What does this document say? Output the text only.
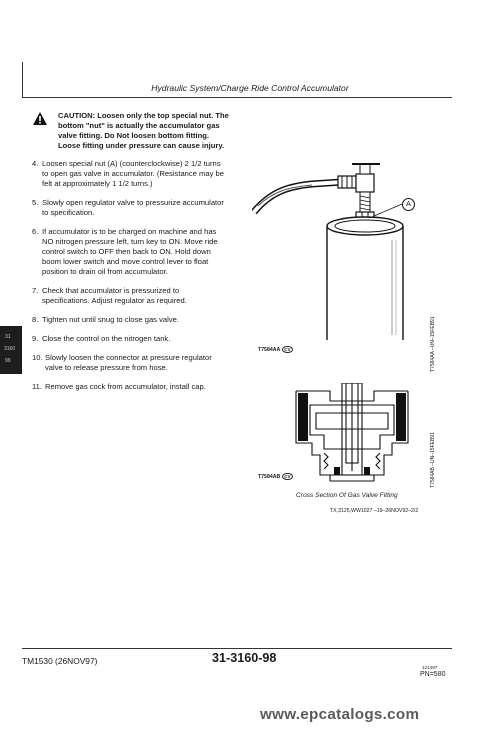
Hydraulic System/Charge Ride Control Accumulator
31
3160
99
CAUTION: Loosen only the top special nut. The
bottom "nut" is actually the accumulator gas
valve fitting. Do Not loosen bottom fitting.
Loose fitting under pressure can cause injury.
4. Loosen special nut (A) (counterclockwise) 2 1/2 turns
to open gas valve in accumulator. (Resistance may be
felt at approximately 1 1/2 turns.)
5. Slowly open regulator valve to pressurize accumulator
to specification.
6. If accumulator is to be charged on machine and has
NO nitrogen pressure left, turn key to ON. Move ride
control switch to OFF then back to ON. Hold down
boom lower switch and move control lever to float
position to drain oil from accumulator.
7. Check that accumulator is pressurized to
specifications. Adjust regulator as required.
8. Tighten nut until snug to close gas valve.
9. Close the control on the nitrogen tank.
10. Slowly loosen the connector at pressure regulator
valve to release pressure from hose.
11. Remove gas cock from accumulator, install cap.
A
T7584AA CV	T7584AA –UN–15FEB91
T7584AB CV	T7584AB –UN–15FEB91
Cross Section Of Gas Valve Fitting
TX,3125,WW1027 –19–26NOV92–2/2
TM1530 (26NOV97)	31-3160-98
121497
PN=580
www.epcatalogs.com
